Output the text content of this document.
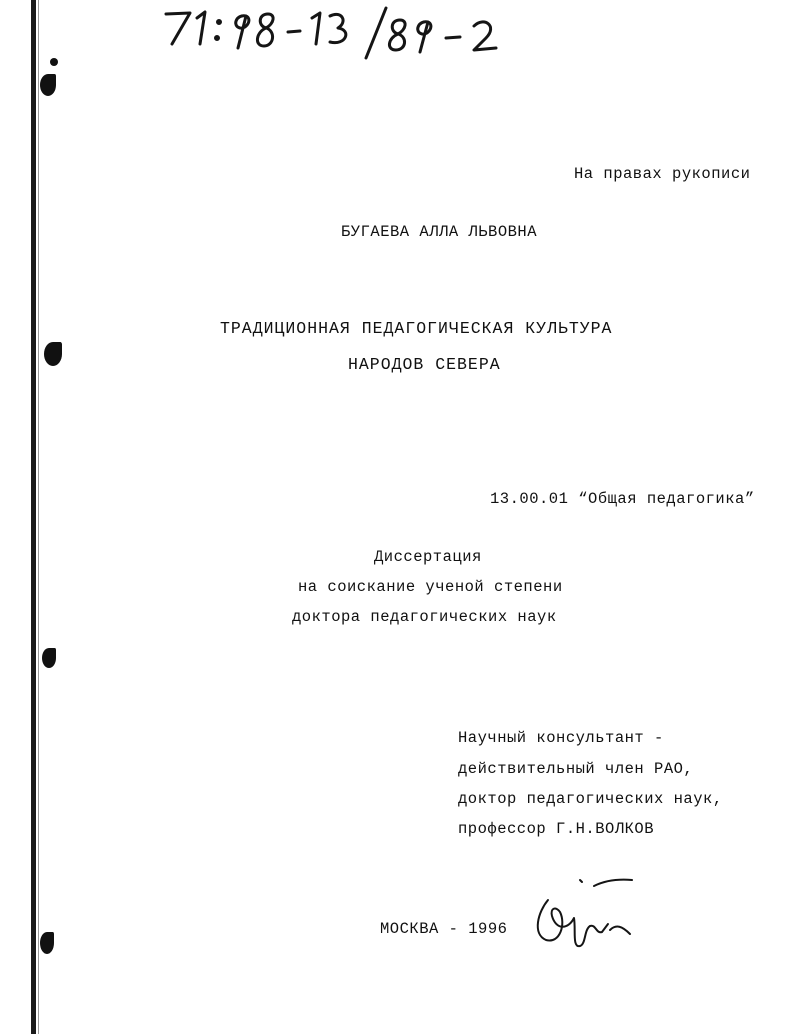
На правах рукописи
БУГАЕВА АЛЛА ЛЬВОВНА
ТРАДИЦИОННАЯ ПЕДАГОГИЧЕСКАЯ КУЛЬТУРА
НАРОДОВ СЕВЕРА
13.00.01 “Общая педагогика”
Диссертация
на соискание ученой степени
доктора педагогических наук
Научный консультант -
действительный член РАО,
доктор педагогических наук,
профессор Г.Н.ВОЛКОВ
МОСКВА - 1996
